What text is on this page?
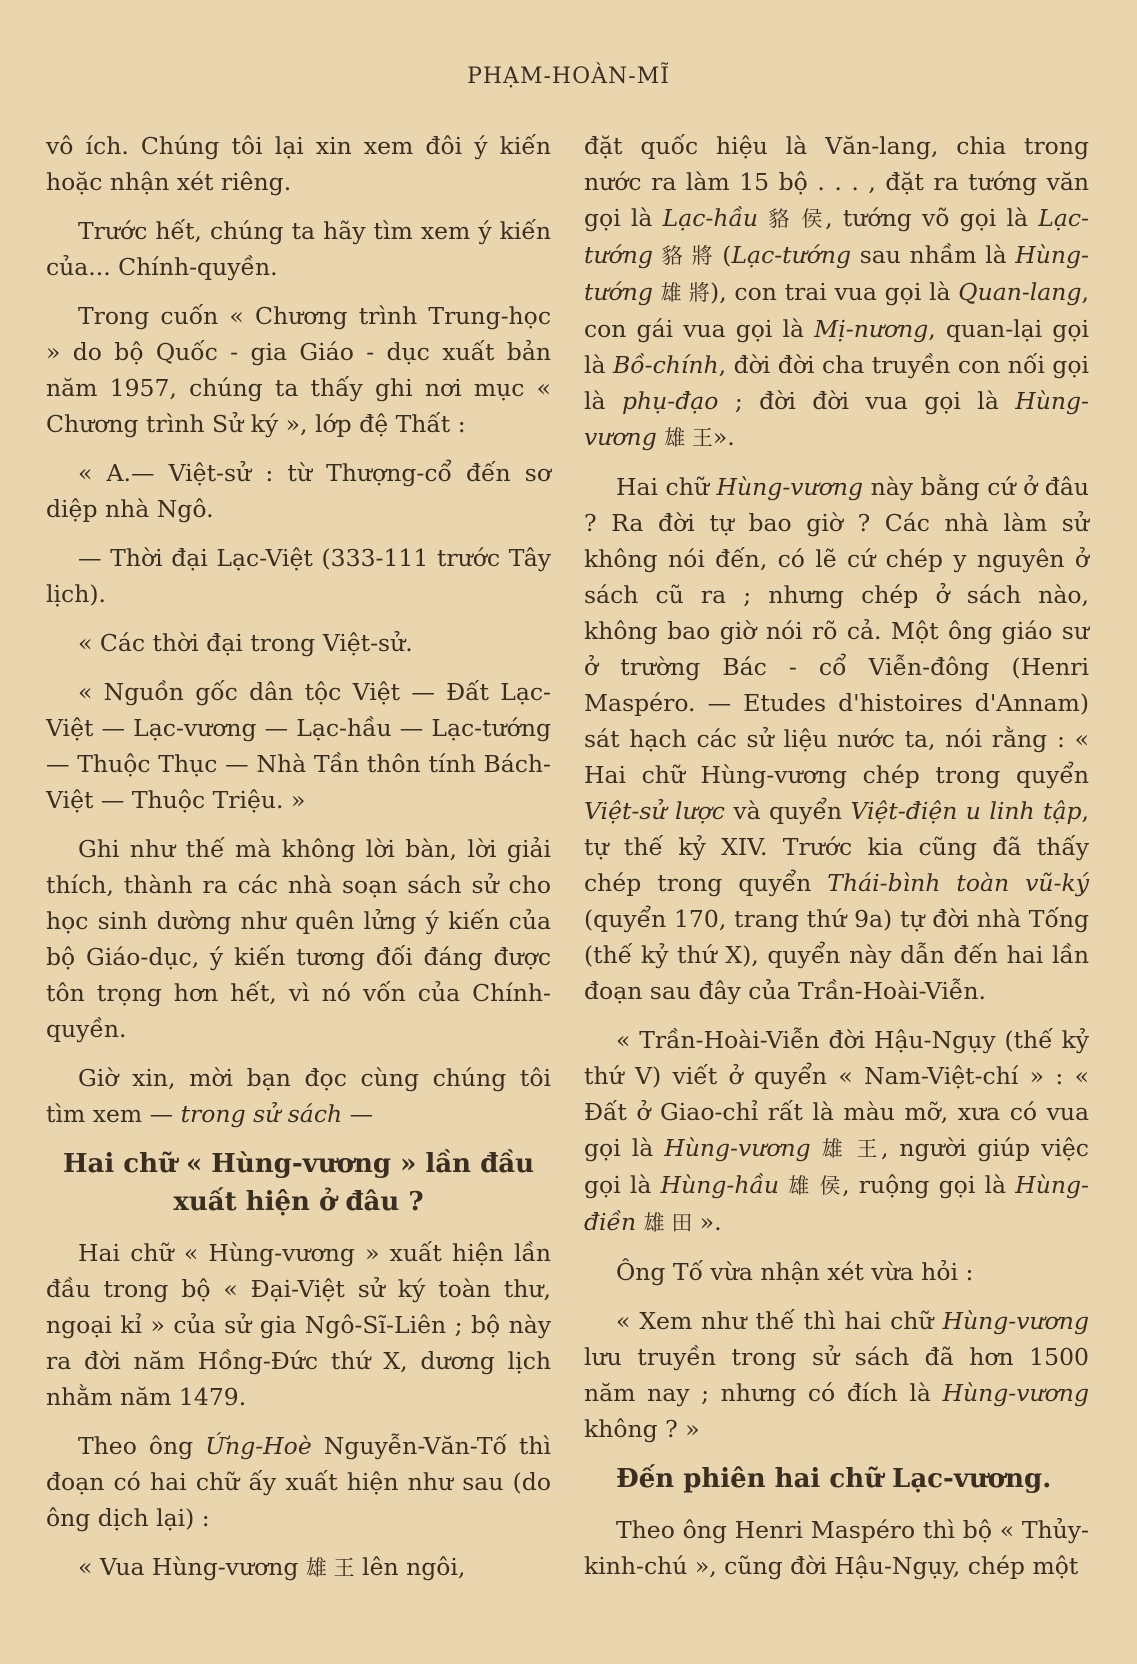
PHẠM-HOÀN-MĨ

vô ích. Chúng tôi lại xin xem đôi ý kiến hoặc nhận xét riêng.

Trước hết, chúng ta hãy tìm xem ý kiến của... Chính-quyền.

Trong cuốn « Chương trình Trung-học » do bộ Quốc - gia Giáo - dục xuất bản năm 1957, chúng ta thấy ghi nơi mục « Chương trình Sử ký », lớp đệ Thất :

« A.— Việt-sử : từ Thượng-cổ đến sơ diệp nhà Ngô.

— Thời đại Lạc-Việt (333-111 trước Tây lịch).

« Các thời đại trong Việt-sử.

« Nguồn gốc dân tộc Việt — Đất Lạc-Việt — Lạc-vương — Lạc-hầu — Lạc-tướng — Thuộc Thục — Nhà Tần thôn tính Bách-Việt — Thuộc Triệu. »

Ghi như thế mà không lời bàn, lời giải thích, thành ra các nhà soạn sách sử cho học sinh dường như quên lửng ý kiến của bộ Giáo-dục, ý kiến tương đối đáng được tôn trọng hơn hết, vì nó vốn của Chính-quyền.

Giờ xin, mời bạn đọc cùng chúng tôi tìm xem — trong sử sách —

Hai chữ « Hùng-vương » lần đầu xuất hiện ở đâu ?

Hai chữ « Hùng-vương » xuất hiện lần đầu trong bộ « Đại-Việt sử ký toàn thư, ngoại kỉ » của sử gia Ngô-Sĩ-Liên ; bộ này ra đời năm Hồng-Đức thứ X, dương lịch nhằm năm 1479.

Theo ông Ứng-Hoè Nguyễn-Văn-Tố thì đoạn có hai chữ ấy xuất hiện như sau (do ông dịch lại) :

« Vua Hùng-vương 雄 王 lên ngôi,

đặt quốc hiệu là Văn-lang, chia trong nước ra làm 15 bộ . . . , đặt ra tướng văn gọi là Lạc-hầu 貉 侯, tướng võ gọi là Lạc-tướng 貉 將 (Lạc-tướng sau nhầm là Hùng-tướng 雄 將), con trai vua gọi là Quan-lang, con gái vua gọi là Mị-nương, quan-lại gọi là Bồ-chính, đời đời cha truyền con nối gọi là phụ-đạo ; đời đời vua gọi là Hùng-vương 雄 王».

Hai chữ Hùng-vương này bằng cứ ở đâu ? Ra đời tự bao giờ ? Các nhà làm sử không nói đến, có lẽ cứ chép y nguyên ở sách cũ ra ; nhưng chép ở sách nào, không bao giờ nói rõ cả. Một ông giáo sư ở trường Bác - cổ Viễn-đông (Henri Maspéro. — Etudes d'histoires d'Annam) sát hạch các sử liệu nước ta, nói rằng : « Hai chữ Hùng-vương chép trong quyển Việt-sử lược và quyển Việt-điện u linh tập, tự thế kỷ XIV. Trước kia cũng đã thấy chép trong quyển Thái-bình toàn vũ-ký (quyển 170, trang thứ 9a) tự đời nhà Tống (thế kỷ thứ X), quyển này dẫn đến hai lần đoạn sau đây của Trần-Hoài-Viễn.

« Trần-Hoài-Viễn đời Hậu-Ngụy (thế kỷ thứ V) viết ở quyển « Nam-Việt-chí » : « Đất ở Giao-chỉ rất là màu mỡ, xưa có vua gọi là Hùng-vương 雄 王, người giúp việc gọi là Hùng-hầu 雄 侯, ruộng gọi là Hùng-điền 雄 田 ».

Ông Tố vừa nhận xét vừa hỏi :

« Xem như thế thì hai chữ Hùng-vương lưu truyền trong sử sách đã hơn 1500 năm nay ; nhưng có đích là Hùng-vương không ? »

Đến phiên hai chữ Lạc-vương.

Theo ông Henri Maspéro thì bộ « Thủy-kinh-chú », cũng đời Hậu-Ngụy, chép một
